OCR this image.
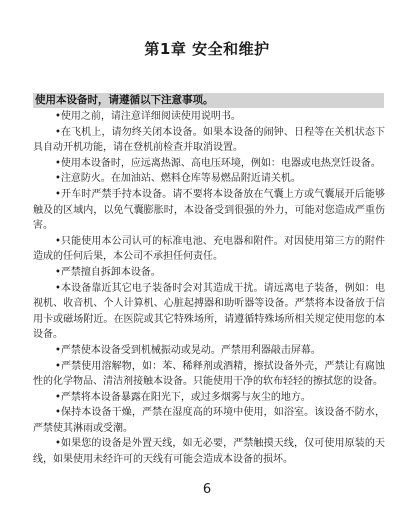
第1章 安全和维护
使用本设备时，请遵循以下注意事项。

•使用之前，请注意详细阅读使用说明书。

•在飞机上，请勿终关闭本设备。如果本设备的闹钟、日程等在关机状态下具自动开机功能，请在登机前检查并取消设置。

•使用本设备时，应远离热源、高电压环境，例如：电器或电热烹饪设备。

•注意防火。在加油站、燃料仓库等易燃品附近请关机。

•开车时严禁手持本设备。请不要将本设备放在气囊上方或气囊展开后能够触及的区域内，以免气囊膨胀时，本设备受到很强的外力，可能对您造成严重伤害。

•只能使用本公司认可的标准电池、充电器和附件。对因使用第三方的附件造成的任何后果，本公司不承担任何责任。

•严禁擅自拆卸本设备。

•本设备靠近其它电子装备时会对其造成干扰。请远离电子装备，例如：电视机、收音机、个人计算机、心脏起搏器和助听器等设备。严禁将本设备放于信用卡或磁场附近。在医院或其它特殊场所，请遵循特殊场所相关规定使用您的本设备。

•严禁使本设备受到机械振动或晃动。严禁用利器敲击屏幕。

•严禁使用溶解物，如：苯、稀释剂或酒精，擦拭设备外壳，严禁让有腐蚀性的化学物品、清洁剂接触本设备。只能使用干净的软布轻轻的擦拭您的设备。

•严禁将本设备暴露在阳光下，或过多烟雾与灰尘的地方。

•保持本设备干燥，严禁在湿度高的环境中使用，如浴室。该设备不防水，严禁使其淋雨或受潮。

•如果您的设备是外置天线，如无必要，严禁触摸天线，仅可使用原装的天线，如果使用未经许可的天线有可能会造成本设备的损坏。

6
